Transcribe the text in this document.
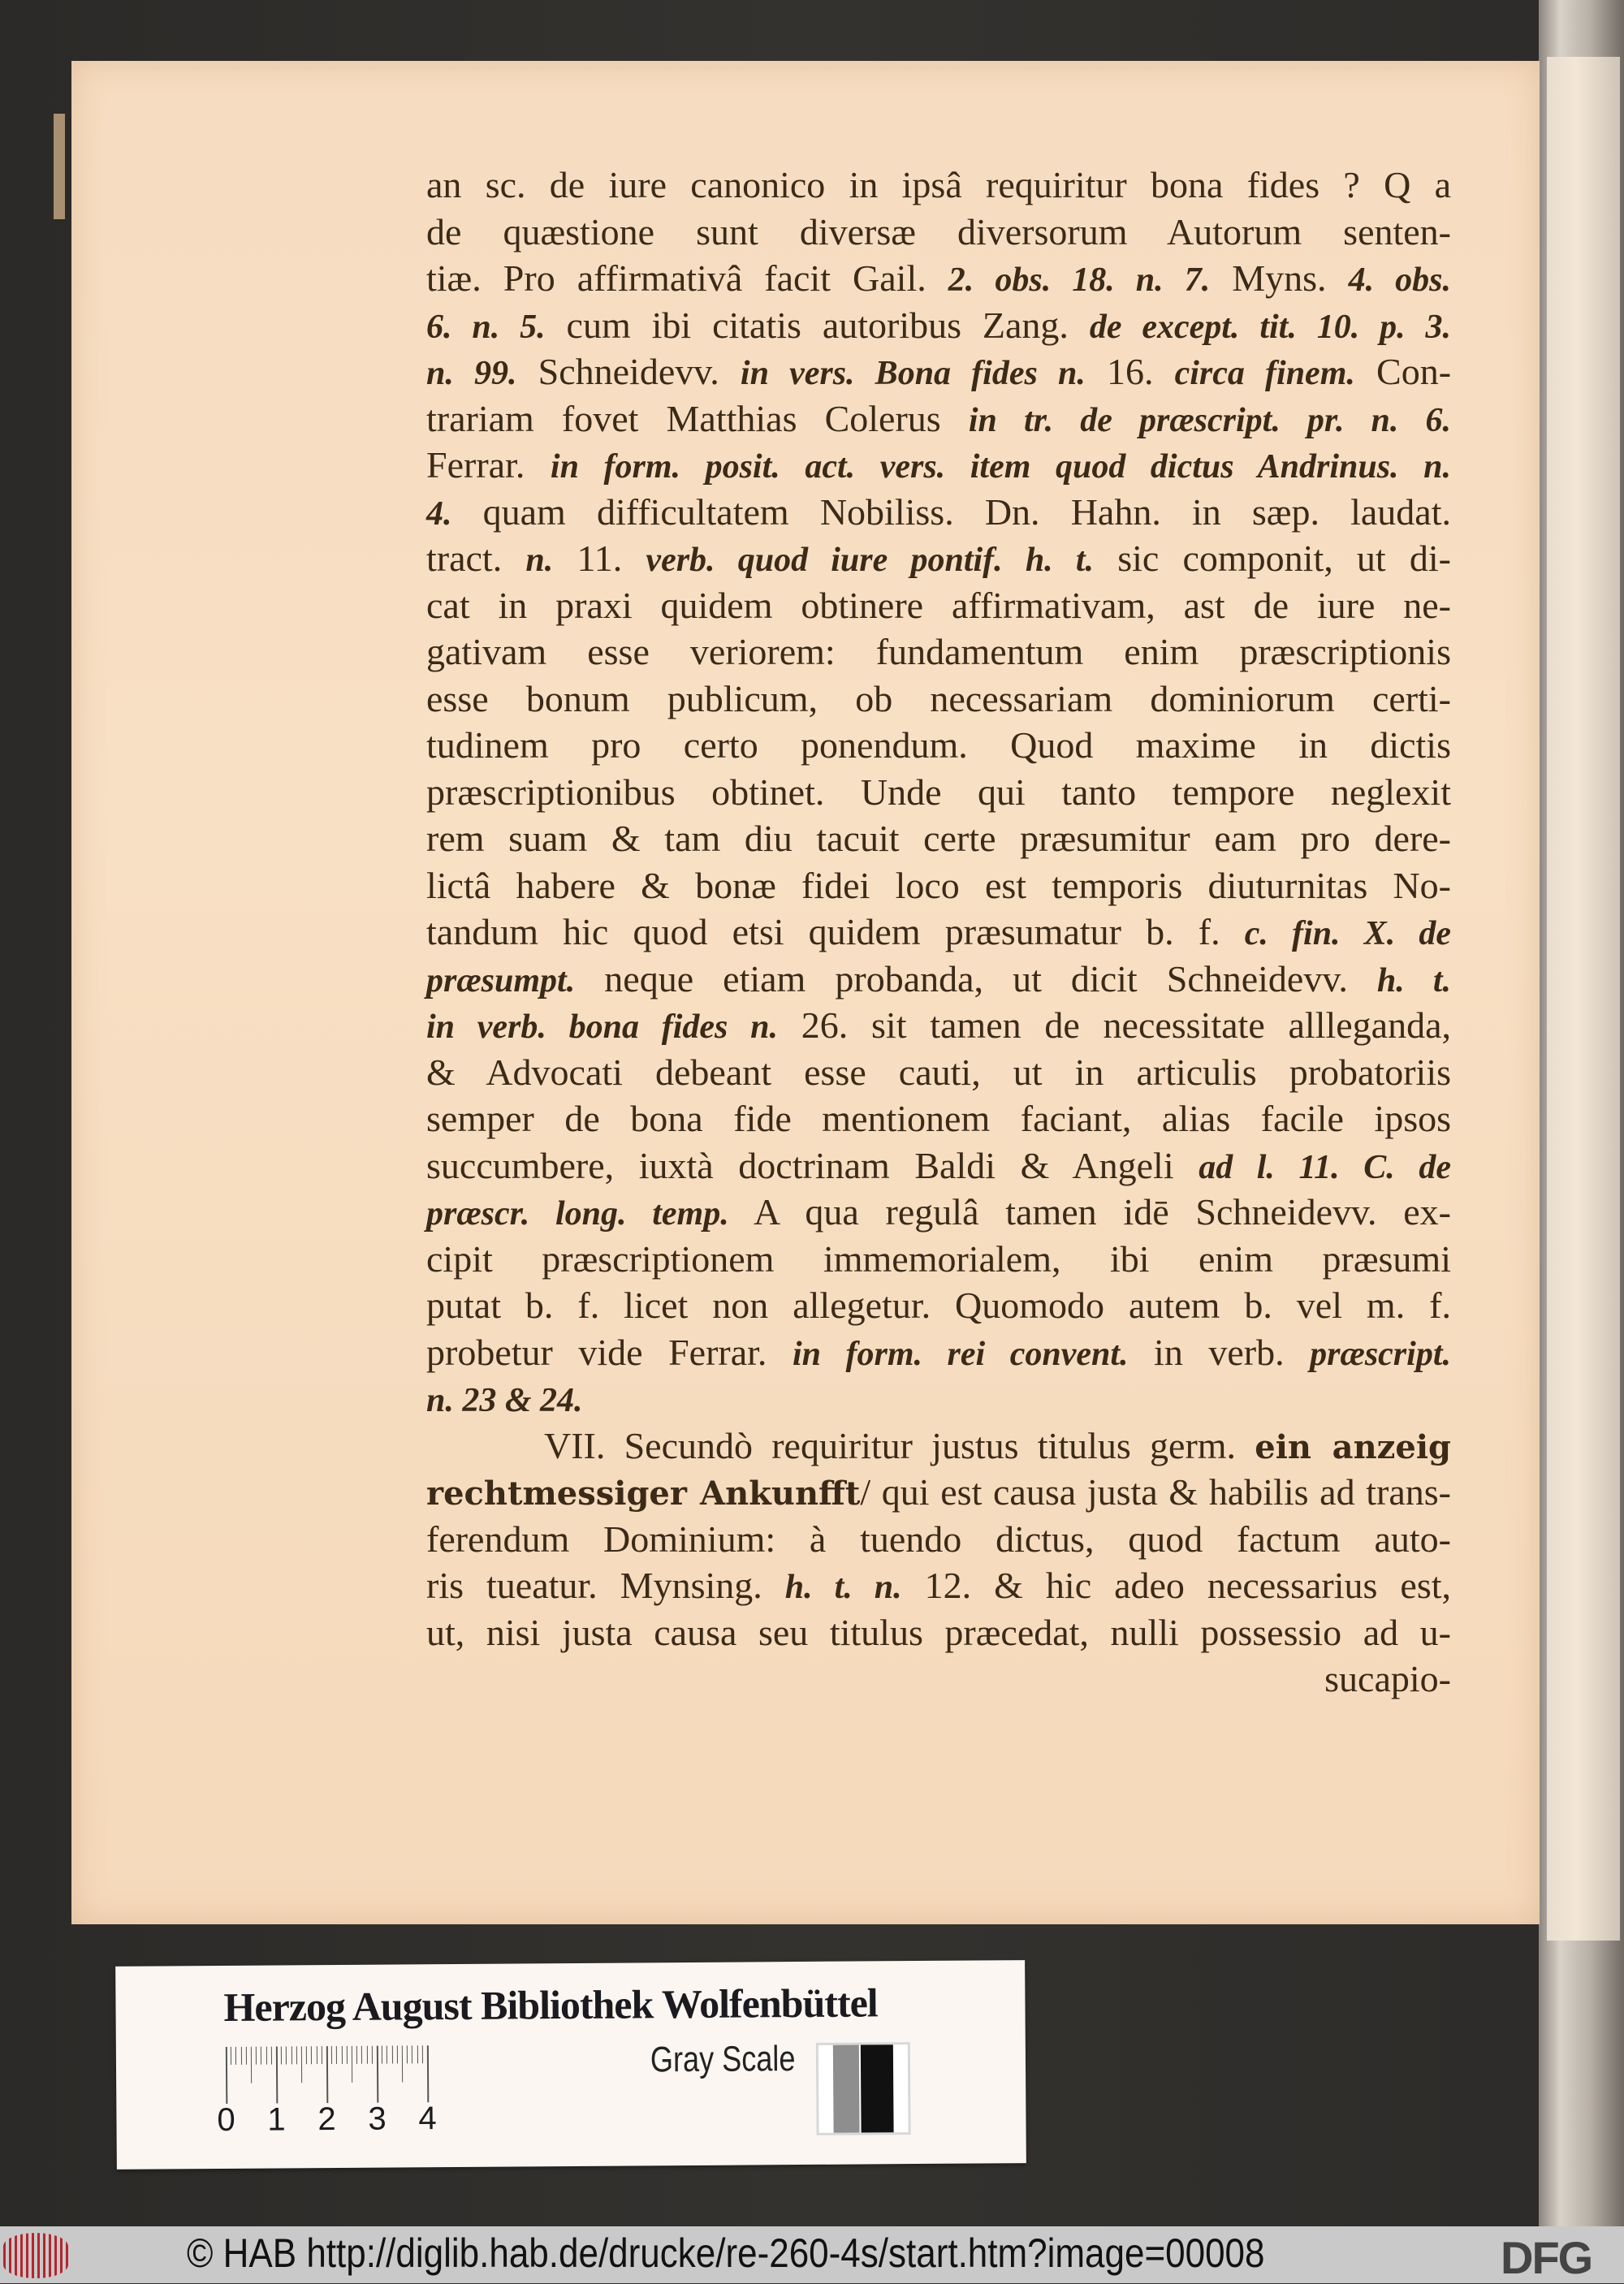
an sc. de iure canonico in ipsâ requiritur bona fides ? Q a
de quæstione sunt diversæ diversorum Autorum senten-
tiæ. Pro affirmativâ facit Gail. 2. obs. 18. n. 7. Myns. 4. obs.
6. n. 5. cum ibi citatis autoribus Zang. de except. tit. 10. p. 3.
n. 99. Schneidevv. in vers. Bona fides n. 16. circa finem. Con-
trariam fovet Matthias Colerus in tr. de præscript. pr. n. 6.
Ferrar. in form. posit. act. vers. item quod dictus Andrinus. n.
4. quam difficultatem Nobiliss. Dn. Hahn. in sæp. laudat.
tract. n. 11. verb. quod iure pontif. h. t. sic componit, ut di-
cat in praxi quidem obtinere affirmativam, ast de iure ne-
gativam esse veriorem: fundamentum enim præscriptionis
esse bonum publicum, ob necessariam dominiorum certi-
tudinem pro certo ponendum. Quod maxime in dictis
præscriptionibus obtinet. Unde qui tanto tempore neglexit
rem suam & tam diu tacuit certe præsumitur eam pro dere-
lictâ habere & bonæ fidei loco est temporis diuturnitas No-
tandum hic quod etsi quidem præsumatur b. f. c. fin. X. de
præsumpt. neque etiam probanda, ut dicit Schneidevv. h. t.
in verb. bona fides n. 26. sit tamen de necessitate allleganda,
& Advocati debeant esse cauti, ut in articulis probatoriis
semper de bona fide mentionem faciant, alias facile ipsos
succumbere, iuxtà doctrinam Baldi & Angeli ad l. 11. C. de
præscr. long. temp. A qua regulâ tamen idē Schneidevv. ex-
cipit præscriptionem immemorialem, ibi enim præsumi
putat b. f. licet non allegetur. Quomodo autem b. vel m. f.
probetur vide Ferrar. in form. rei convent. in verb. præscript.
n. 23 & 24.
VII. Secundò requiritur justus titulus germ. ein anzeig
rechtmessiger Ankunfft/ qui est causa justa & habilis ad trans-
ferendum Dominium: à tuendo dictus, quod factum auto-
ris tueatur. Mynsing. h. t. n. 12. & hic adeo necessarius est,
ut, nisi justa causa seu titulus præcedat, nulli possessio ad u-
sucapio-
Herzog August Bibliothek Wolfenbüttel
0 1 2 3 4
Gray Scale
© HAB http://diglib.hab.de/drucke/re-260-4s/start.htm?image=00008	DFG
